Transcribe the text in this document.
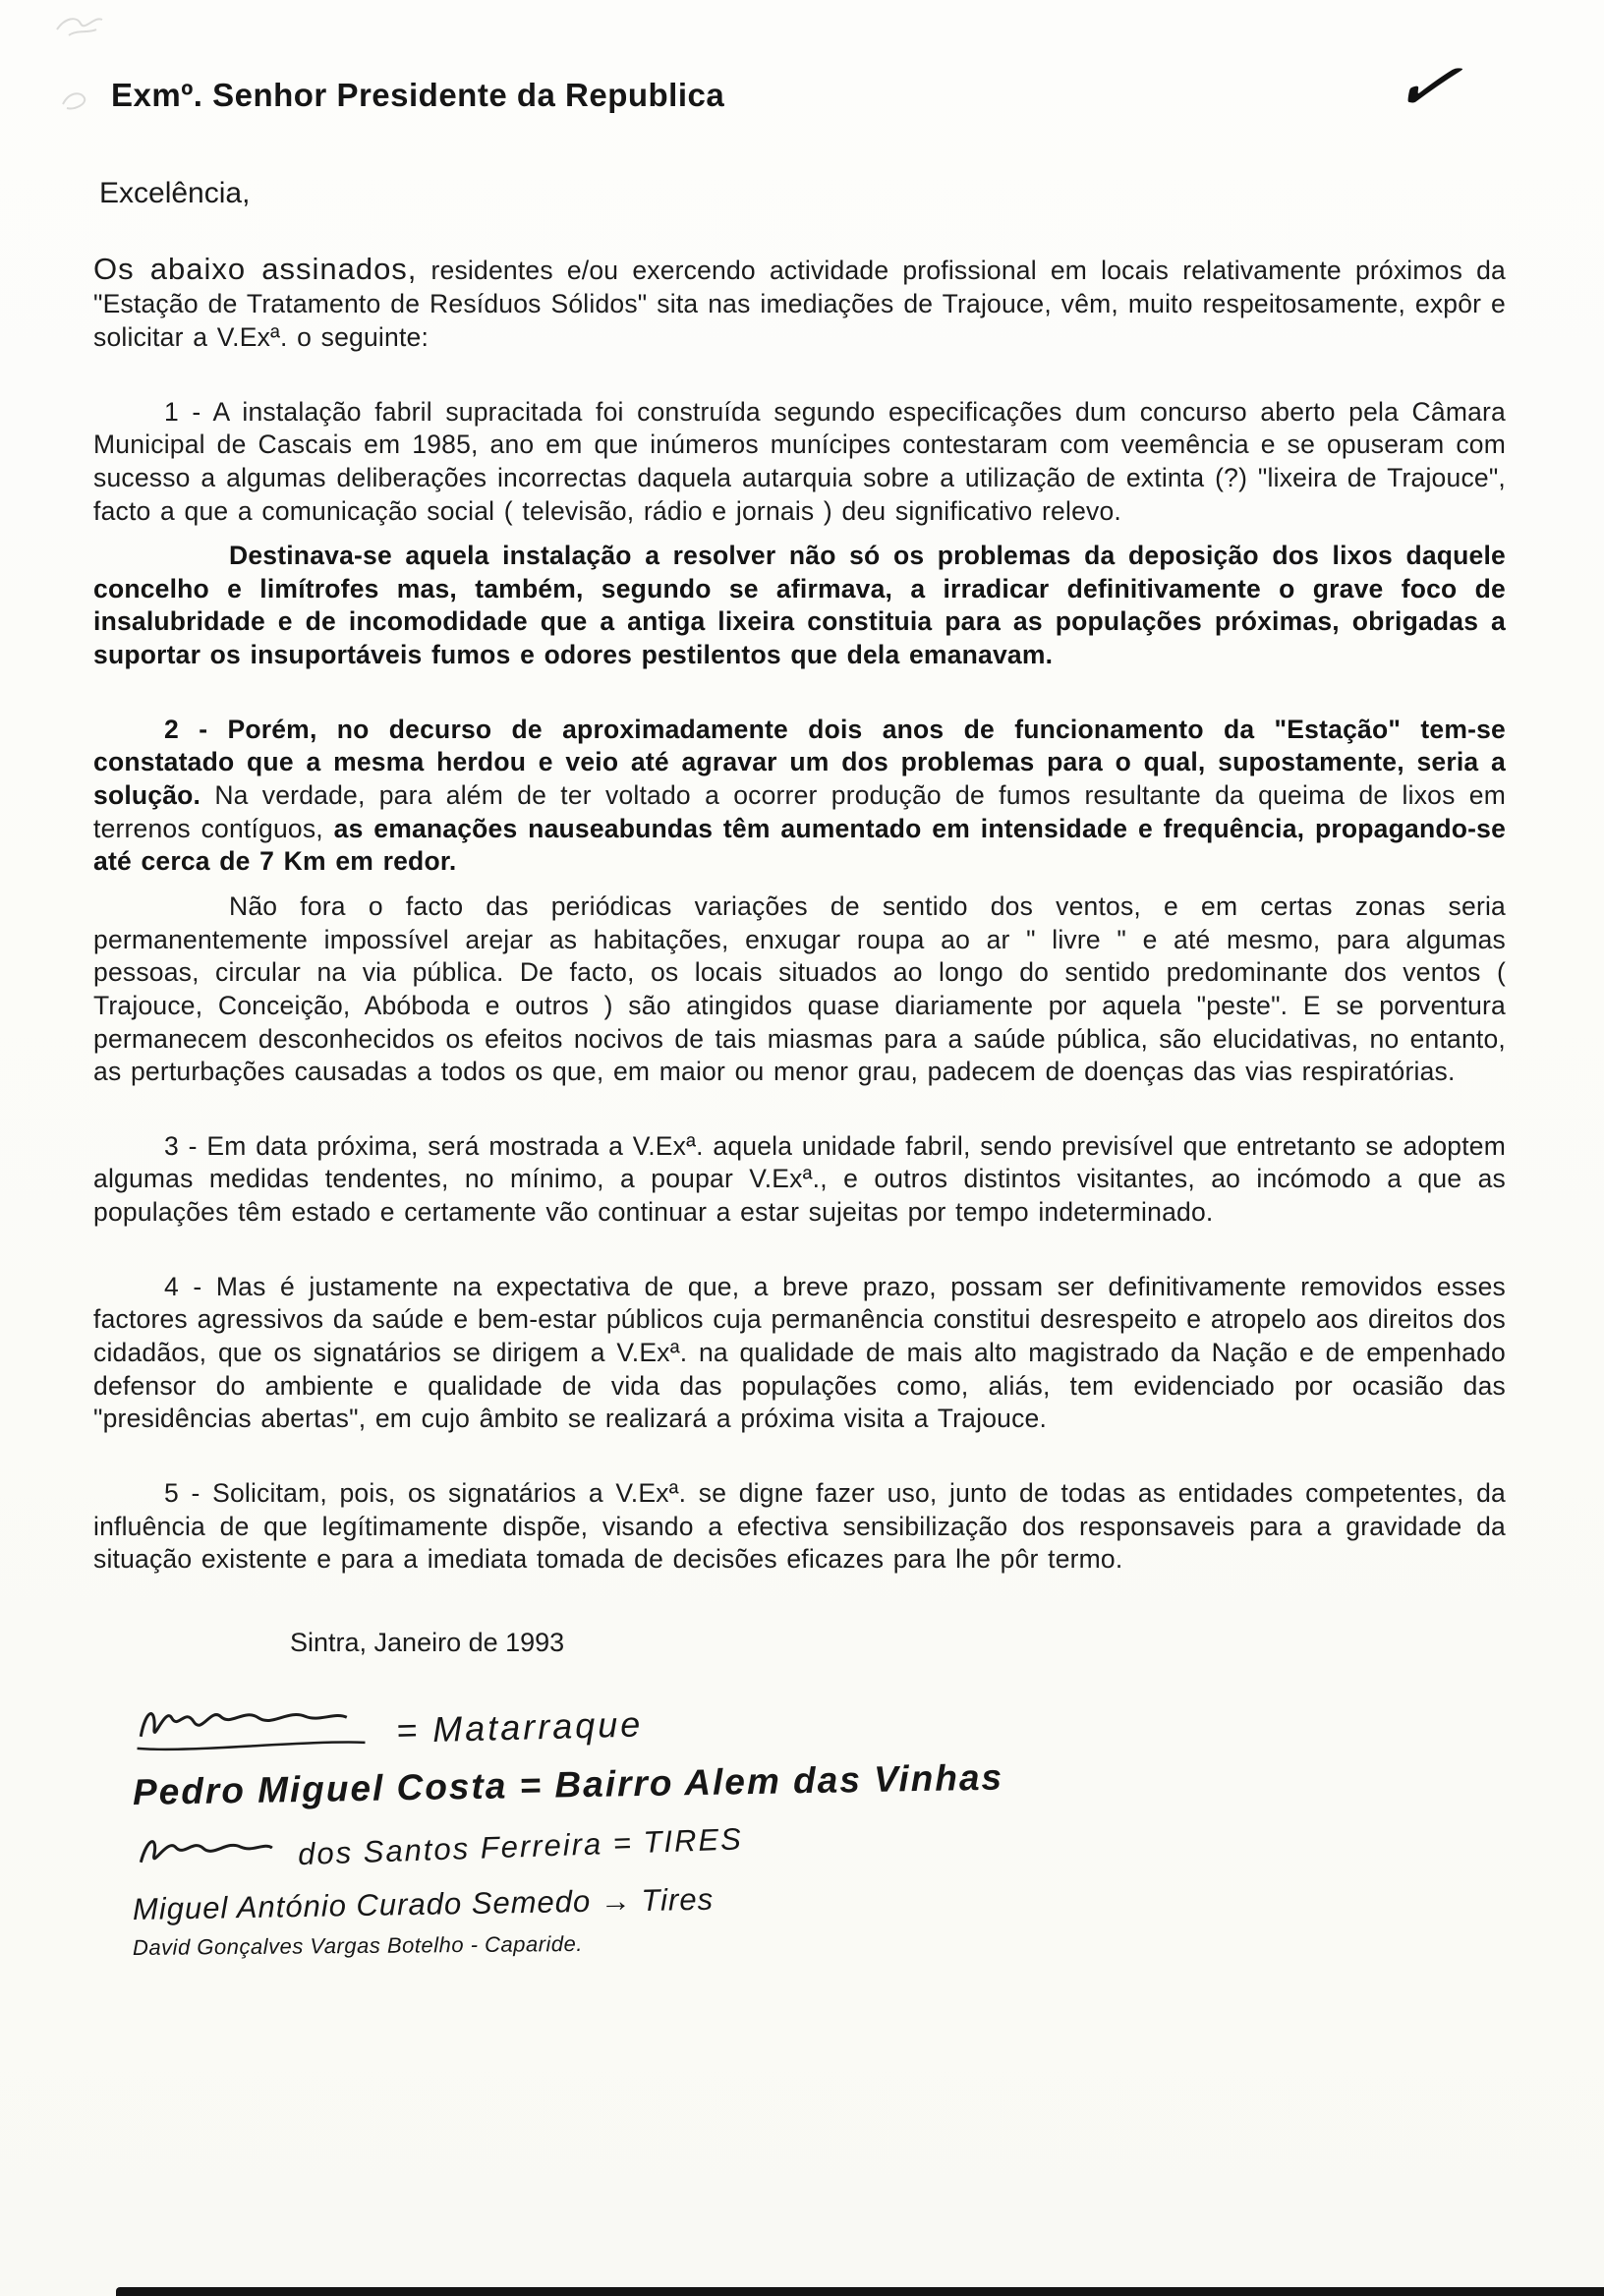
✓
Exmº. Senhor Presidente da Republica

Excelência,

Os abaixo assinados, residentes e/ou exercendo actividade profissional em locais relativamente próximos da "Estação de Tratamento de Resíduos Sólidos" sita nas imediações de Trajouce, vêm, muito respeitosamente, expôr e solicitar a V.Exª. o seguinte:

1 - A instalação fabril supracitada foi construída segundo especificações dum concurso aberto pela Câmara Municipal de Cascais em 1985, ano em que inúmeros munícipes contestaram com veemência e se opuseram com sucesso a algumas deliberações incorrectas daquela autarquia sobre a utilização de extinta (?) "lixeira de Trajouce", facto a que a comunicação social ( televisão, rádio e jornais ) deu significativo relevo.

Destinava-se aquela instalação a resolver não só os problemas da deposição dos lixos daquele concelho e limítrofes mas, também, segundo se afirmava, a irradicar definitivamente o grave foco de insalubridade e de incomodidade que a antiga lixeira constituia para as populações próximas, obrigadas a suportar os insuportáveis fumos e odores pestilentos que dela emanavam.

2 - Porém, no decurso de aproximadamente dois anos de funcionamento da "Estação" tem-se constatado que a mesma herdou e veio até agravar um dos problemas para o qual, supostamente, seria a solução. Na verdade, para além de ter voltado a ocorrer produção de fumos resultante da queima de lixos em terrenos contíguos, as emanações nauseabundas têm aumentado em intensidade e frequência, propagando-se até cerca de 7 Km em redor.

Não fora o facto das periódicas variações de sentido dos ventos, e em certas zonas seria permanentemente impossível arejar as habitações, enxugar roupa ao ar " livre " e até mesmo, para algumas pessoas, circular na via pública. De facto, os locais situados ao longo do sentido predominante dos ventos ( Trajouce, Conceição, Abóboda e outros ) são atingidos quase diariamente por aquela "peste". E se porventura permanecem desconhecidos os efeitos nocivos de tais miasmas para a saúde pública, são elucidativas, no entanto, as perturbações causadas a todos os que, em maior ou menor grau, padecem de doenças das vias respiratórias.

3 - Em data próxima, será mostrada a V.Exª. aquela unidade fabril, sendo previsível que entretanto se adoptem algumas medidas tendentes, no mínimo, a poupar V.Exª., e outros distintos visitantes, ao incómodo a que as populações têm estado e certamente vão continuar a estar sujeitas por tempo indeterminado.

4 - Mas é justamente na expectativa de que, a breve prazo, possam ser definitivamente removidos esses factores agressivos da saúde e bem-estar públicos cuja permanência constitui desrespeito e atropelo aos direitos dos cidadãos, que os signatários se dirigem a V.Exª. na qualidade de mais alto magistrado da Nação e de empenhado defensor do ambiente e qualidade de vida das populações como, aliás, tem evidenciado por ocasião das "presidências abertas", em cujo âmbito se realizará a próxima visita a Trajouce.

5 - Solicitam, pois, os signatários a V.Exª. se digne fazer uso, junto de todas as entidades competentes, da influência de que legítimamente dispõe, visando a efectiva sensibilização dos responsaveis para a gravidade da situação existente e para a imediata tomada de decisões eficazes para lhe pôr termo.

Sintra, Janeiro de 1993

= Matarraque
Pedro Miguel Costa = Bairro Alem das Vinhas
dos Santos Ferreira = TIRES
Miguel António Curado Semedo → Tires
David Gonçalves Vargas Botelho - Caparide.
